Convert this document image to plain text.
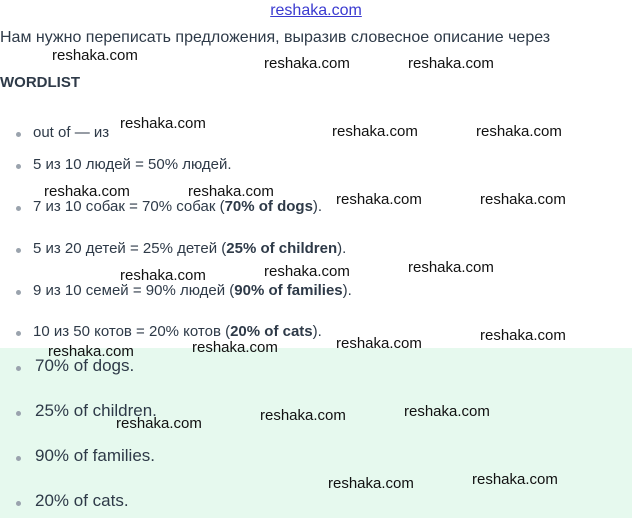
reshaka.com
Нам нужно переписать предложения, выразив словесное описание через
WORDLIST
out of — из
5 из 10 людей = 50% людей.
7 из 10 собак = 70% собак (70% of dogs).
5 из 20 детей = 25% детей (25% of children).
9 из 10 семей = 90% людей (90% of families).
10 из 50 котов = 20% котов (20% of cats).
70% of dogs.
25% of children.
90% of families.
20% of cats.
reshaka.com	reshaka.com	reshaka.com
reshaka.com	reshaka.com	reshaka.com
reshaka.com	reshaka.com	reshaka.com	reshaka.com
reshaka.com	reshaka.com	reshaka.com
reshaka.com
reshaka.com	reshaka.com	reshaka.com
reshaka.com	reshaka.com	reshaka.com
reshaka.com	reshaka.com
